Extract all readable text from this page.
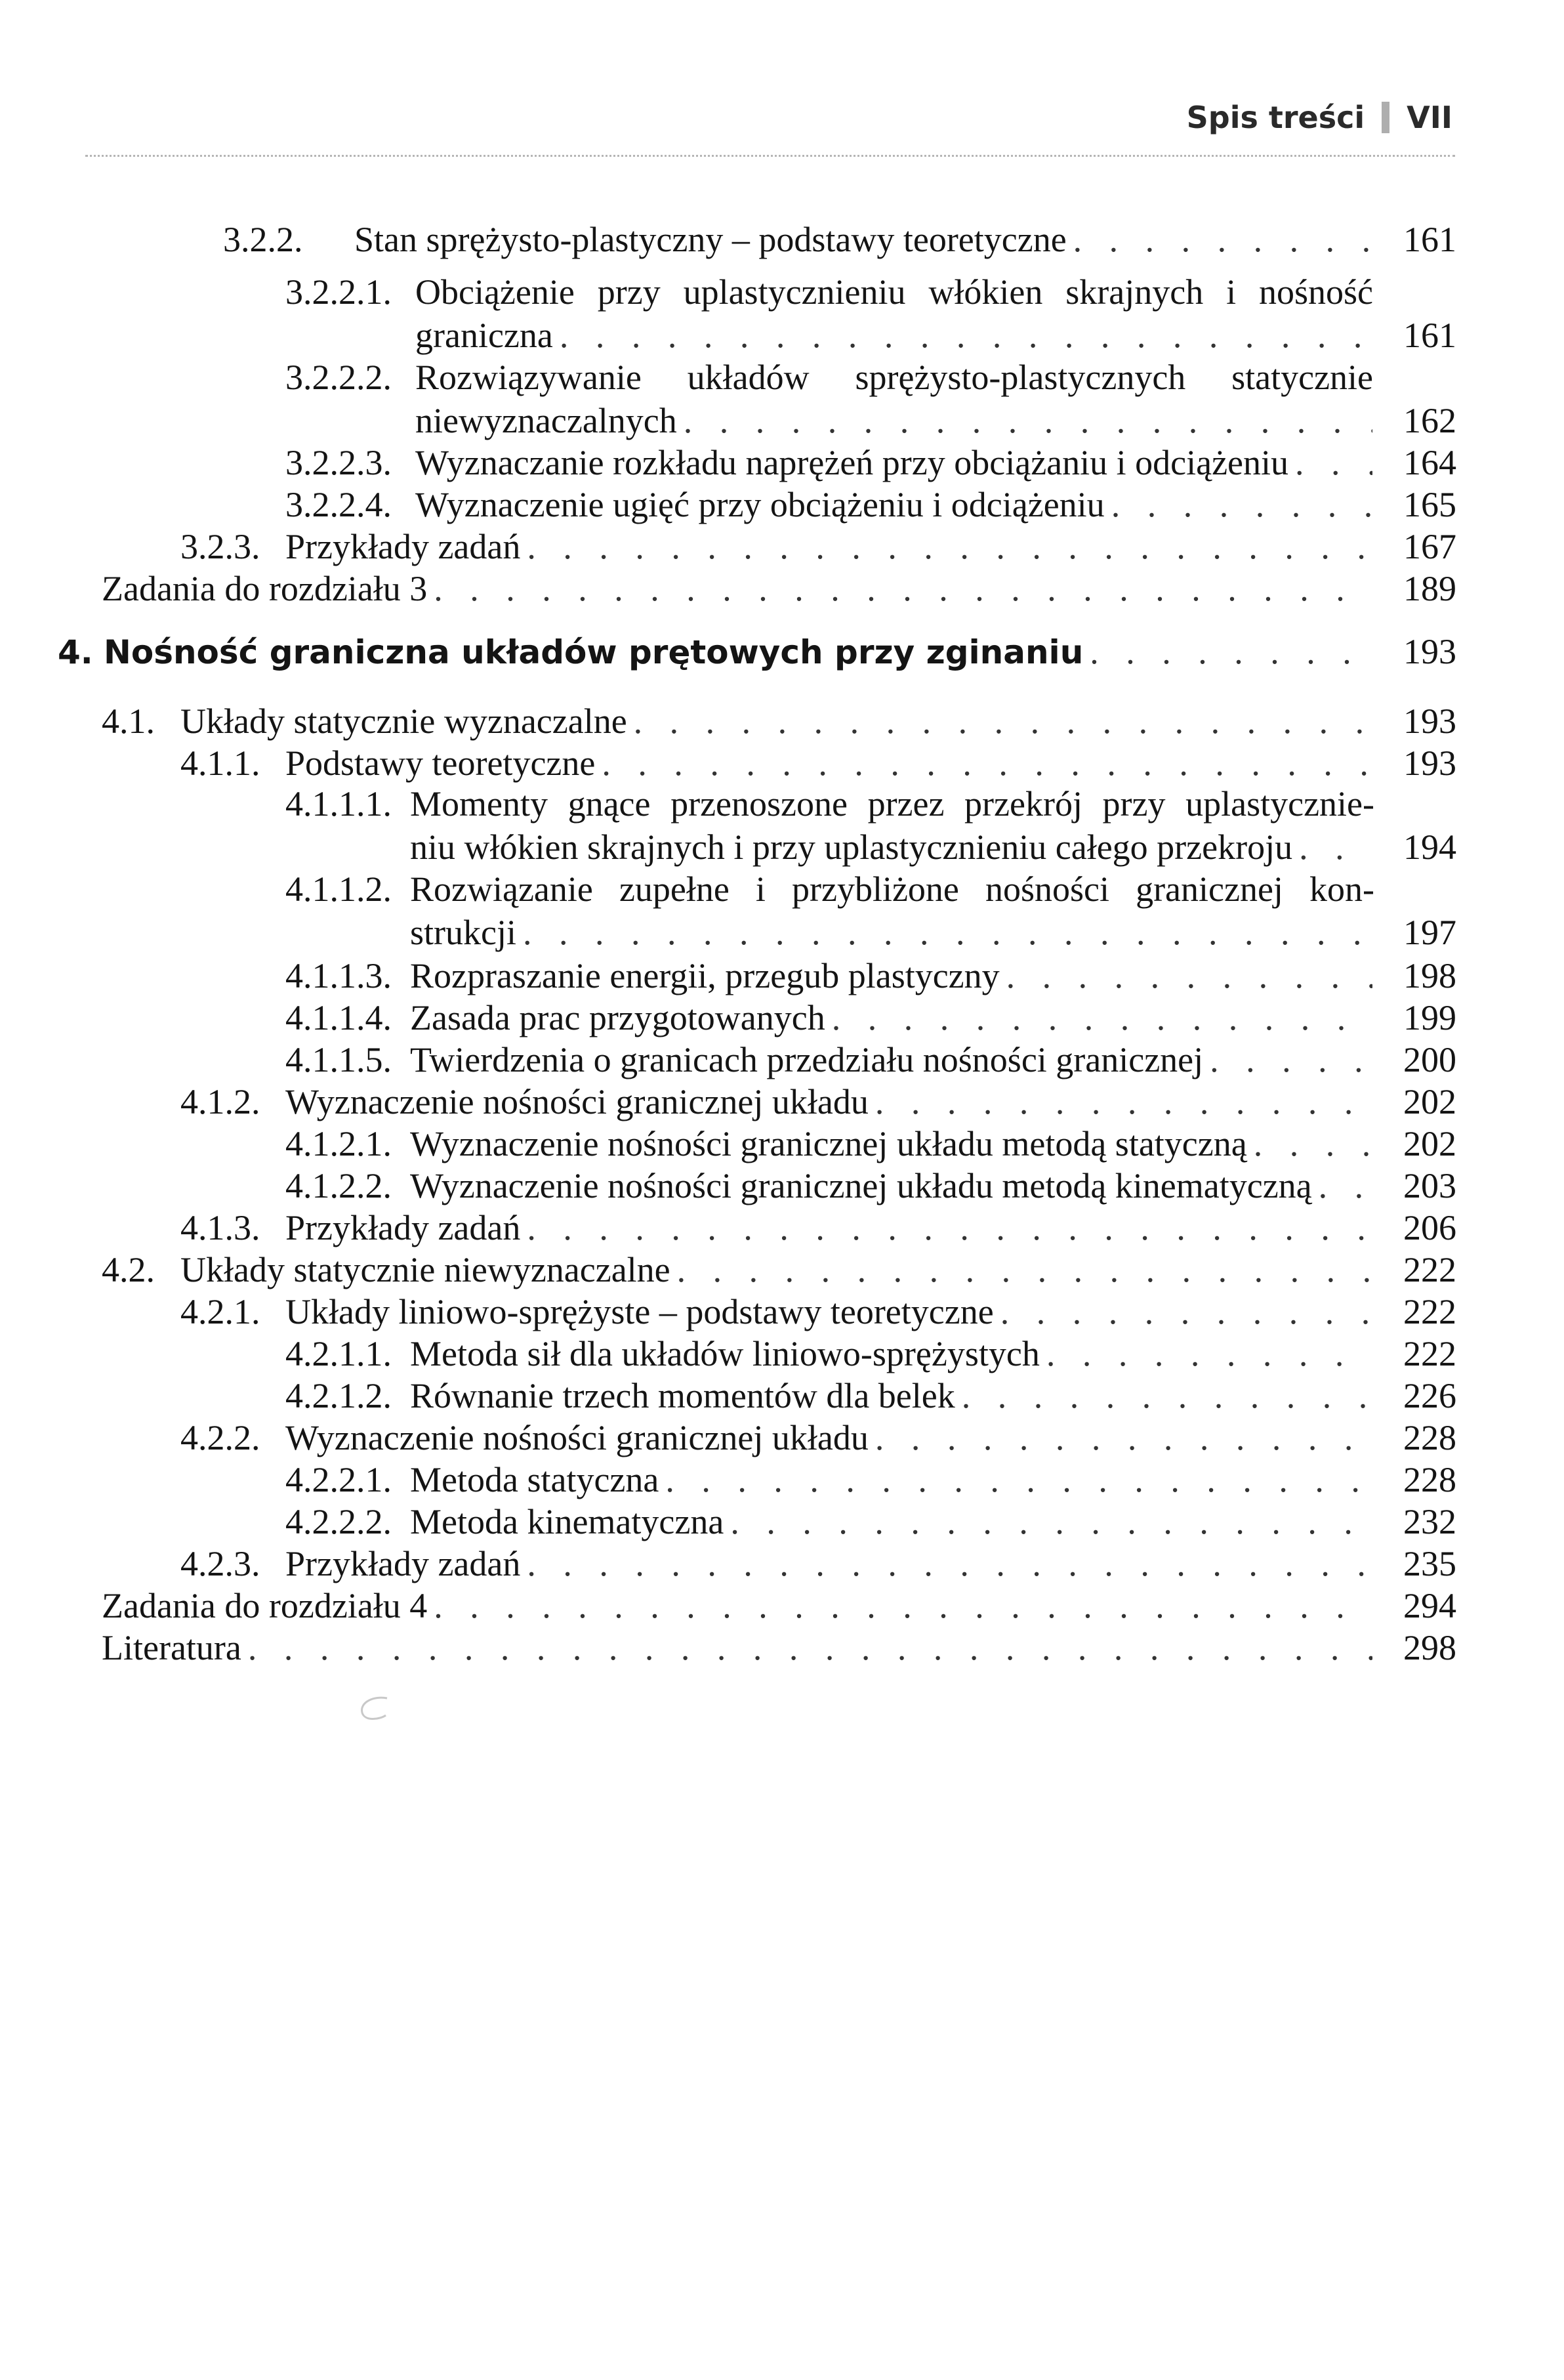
Spis treści VII
3.2.2. Stan sprężysto-plastyczny – podstawy teoretyczne . . .	161
3.2.2.1. Obciążenie przy uplastycznieniu włókien skrajnych i nośność
graniczna . . .	161
3.2.2.2. Rozwiązywanie układów sprężysto-plastycznych statycznie
niewyznaczalnych . . .	162
3.2.2.3. Wyznaczanie rozkładu naprężeń przy obciążaniu i odciążeniu . . .	164
3.2.2.4. Wyznaczenie ugięć przy obciążeniu i odciążeniu . . .	165
3.2.3. Przykłady zadań . . .	167
Zadania do rozdziału 3 . . .	189
4. Nośność graniczna układów prętowych przy zginaniu . . .	193
4.1. Układy statycznie wyznaczalne . . .	193
4.1.1. Podstawy teoretyczne . . .	193
4.1.1.1. Momenty gnące przenoszone przez przekrój przy uplastycznie-
niu włókien skrajnych i przy uplastycznieniu całego przekroju . . .	194
4.1.1.2. Rozwiązanie zupełne i przybliżone nośności granicznej kon-
strukcji . . .	197
4.1.1.3. Rozpraszanie energii, przegub plastyczny . . .	198
4.1.1.4. Zasada prac przygotowanych . . .	199
4.1.1.5. Twierdzenia o granicach przedziału nośności granicznej . . .	200
4.1.2. Wyznaczenie nośności granicznej układu . . .	202
4.1.2.1. Wyznaczenie nośności granicznej układu metodą statyczną . . .	202
4.1.2.2. Wyznaczenie nośności granicznej układu metodą kinematyczną . . .	203
4.1.3. Przykłady zadań . . .	206
4.2. Układy statycznie niewyznaczalne . . .	222
4.2.1. Układy liniowo-sprężyste – podstawy teoretyczne . . .	222
4.2.1.1. Metoda sił dla układów liniowo-sprężystych . . .	222
4.2.1.2. Równanie trzech momentów dla belek . . .	226
4.2.2. Wyznaczenie nośności granicznej układu . . .	228
4.2.2.1. Metoda statyczna . . .	228
4.2.2.2. Metoda kinematyczna . . .	232
4.2.3. Przykłady zadań . . .	235
Zadania do rozdziału 4 . . .	294
Literatura . . .	298
